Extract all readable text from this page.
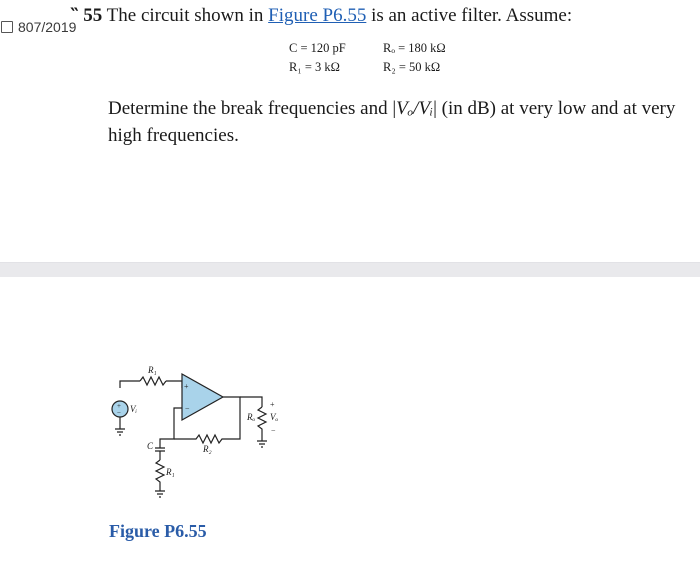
807/2019
‶ 55 The circuit shown in Figure P6.55 is an active filter. Assume:
C = 120 pF
R₁ = 3 kΩ
Rₒ = 180 kΩ
R₂ = 50 kΩ
Determine the break frequencies and |Vₒ/Vᵢ| (in dB) at very low and at very high frequencies.
R₁
Vᵢ
C
R₁
R₂
Rₒ Vₒ
+
−	+
−
+
−
Figure P6.55
